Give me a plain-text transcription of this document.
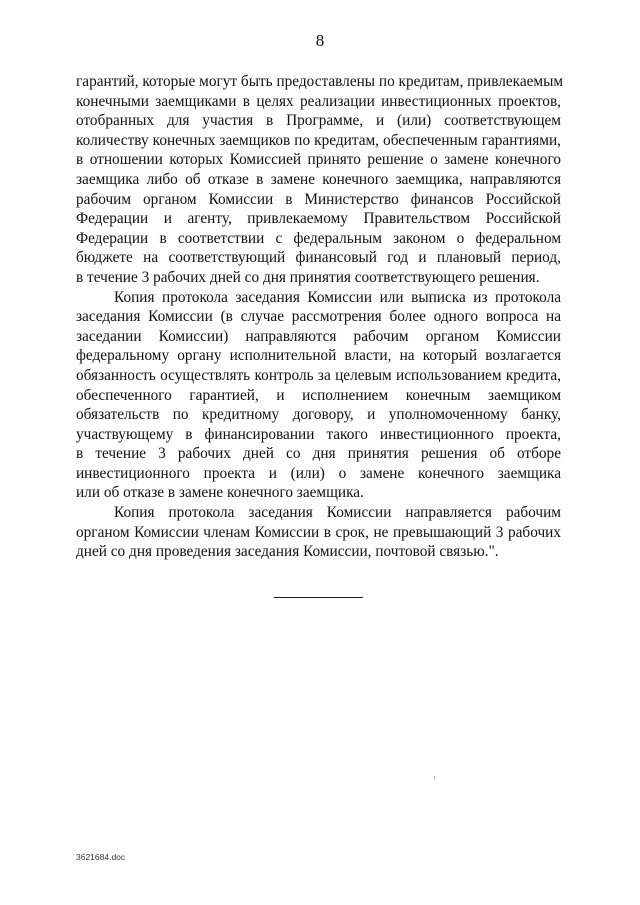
8

гарантий, которые могут быть предоставлены по кредитам, привлекаемым
конечными заемщиками в целях реализации инвестиционных проектов,
отобранных для участия в Программе, и (или) соответствующем
количеству конечных заемщиков по кредитам, обеспеченным гарантиями,
в отношении которых Комиссией принято решение о замене конечного
заемщика либо об отказе в замене конечного заемщика, направляются
рабочим органом Комиссии в Министерство финансов Российской
Федерации и агенту, привлекаемому Правительством Российской
Федерации в соответствии с федеральным законом о федеральном
бюджете на соответствующий финансовый год и плановый период,
в течение 3 рабочих дней со дня принятия соответствующего решения.

Копия протокола заседания Комиссии или выписка из протокола
заседания Комиссии (в случае рассмотрения более одного вопроса на
заседании Комиссии) направляются рабочим органом Комиссии
федеральному органу исполнительной власти, на который возлагается
обязанность осуществлять контроль за целевым использованием кредита,
обеспеченного гарантией, и исполнением конечным заемщиком
обязательств по кредитному договору, и уполномоченному банку,
участвующему в финансировании такого инвестиционного проекта,
в течение 3 рабочих дней со дня принятия решения об отборе
инвестиционного проекта и (или) о замене конечного заемщика
или об отказе в замене конечного заемщика.

Копия протокола заседания Комиссии направляется рабочим
органом Комиссии членам Комиссии в срок, не превышающий 3 рабочих
дней со дня проведения заседания Комиссии, почтовой связью.".

3621684.doc
